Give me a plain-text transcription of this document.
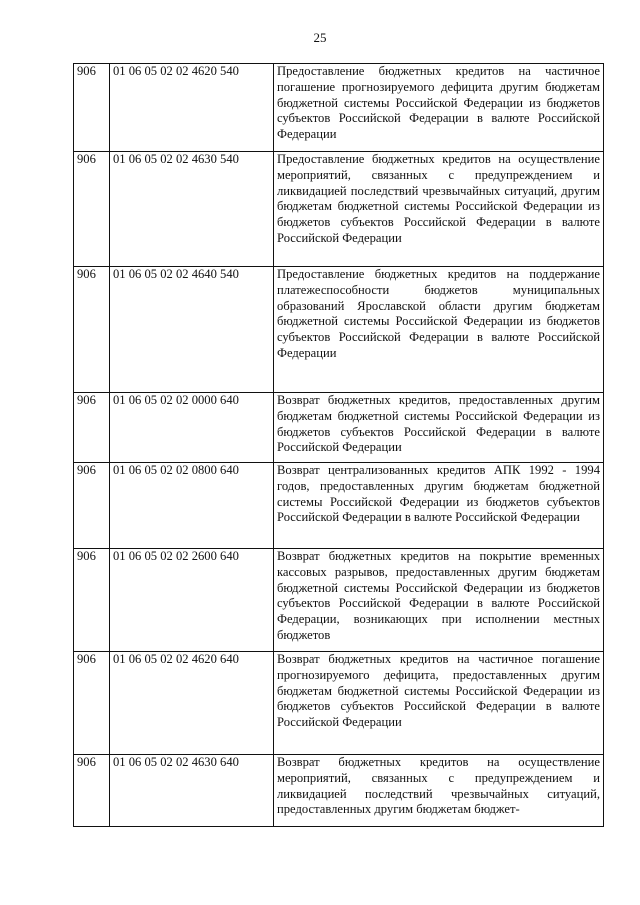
25
906	01 06 05 02 02 4620 540	Предоставление бюджетных кредитов на частичное погашение прогнозируемого дефицита другим бюджетам бюджетной системы Российской Федерации из бюджетов субъектов Российской Федерации в валюте Российской Федерации
906	01 06 05 02 02 4630 540	Предоставление бюджетных кредитов на осуществление мероприятий, связанных с предупреждением и ликвидацией последствий чрезвычайных ситуаций, другим бюджетам бюджетной системы Российской Федерации из бюджетов субъектов Российской Федерации в валюте Российской Федерации
906	01 06 05 02 02 4640 540	Предоставление бюджетных кредитов на поддержание платежеспособности бюджетов муниципальных образований Ярославской области другим бюджетам бюджетной системы Российской Федерации из бюджетов субъектов Российской Федерации в валюте Российской Федерации
906	01 06 05 02 02 0000 640	Возврат бюджетных кредитов, предоставленных другим бюджетам бюджетной системы Российской Федерации из бюджетов субъектов Российской Федерации в валюте Российской Федерации
906	01 06 05 02 02 0800 640	Возврат централизованных кредитов АПК 1992 - 1994 годов, предоставленных другим бюджетам бюджетной системы Российской Федерации из бюджетов субъектов Российской Федерации в валюте Российской Федерации
906	01 06 05 02 02 2600 640	Возврат бюджетных кредитов на покрытие временных кассовых разрывов, предоставленных другим бюджетам бюджетной системы Российской Федерации из бюджетов субъектов Российской Федерации в валюте Российской Федерации, возникающих при исполнении местных бюджетов
906	01 06 05 02 02 4620 640	Возврат бюджетных кредитов на частичное погашение прогнозируемого дефицита, предоставленных другим бюджетам бюджетной системы Российской Федерации из бюджетов субъектов Российской Федерации в валюте Российской Федерации
906	01 06 05 02 02 4630 640	Возврат бюджетных кредитов на осуществление мероприятий, связанных с предупреждением и ликвидацией последствий чрезвычайных ситуаций, предоставленных другим бюджетам бюджет-
